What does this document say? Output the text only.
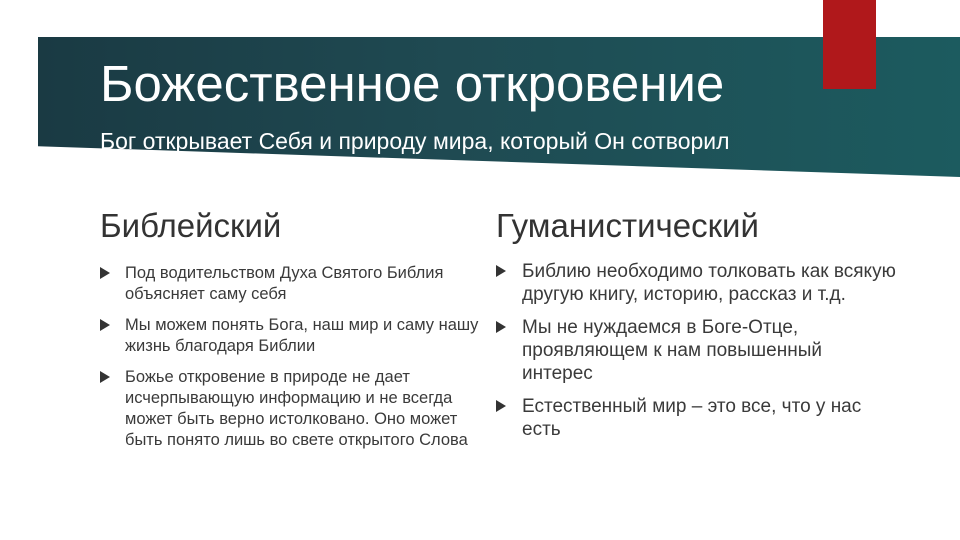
Божественное откровение

Бог открывает Себя и природу мира, который Он сотворил

Библейский
Под водительством Духа Святого Библия объясняет саму себя
Мы можем понять Бога, наш мир и саму нашу жизнь благодаря Библии
Божье откровение в природе не дает исчерпывающую информацию и не всегда может быть верно истолковано. Оно может быть понято лишь во свете открытого Слова
Гуманистический
Библию необходимо толковать как всякую другую книгу, историю, рассказ и т.д.
Мы не нуждаемся в Боге-Отце, проявляющем к нам повышенный интерес
Естественный мир – это все, что у нас есть
